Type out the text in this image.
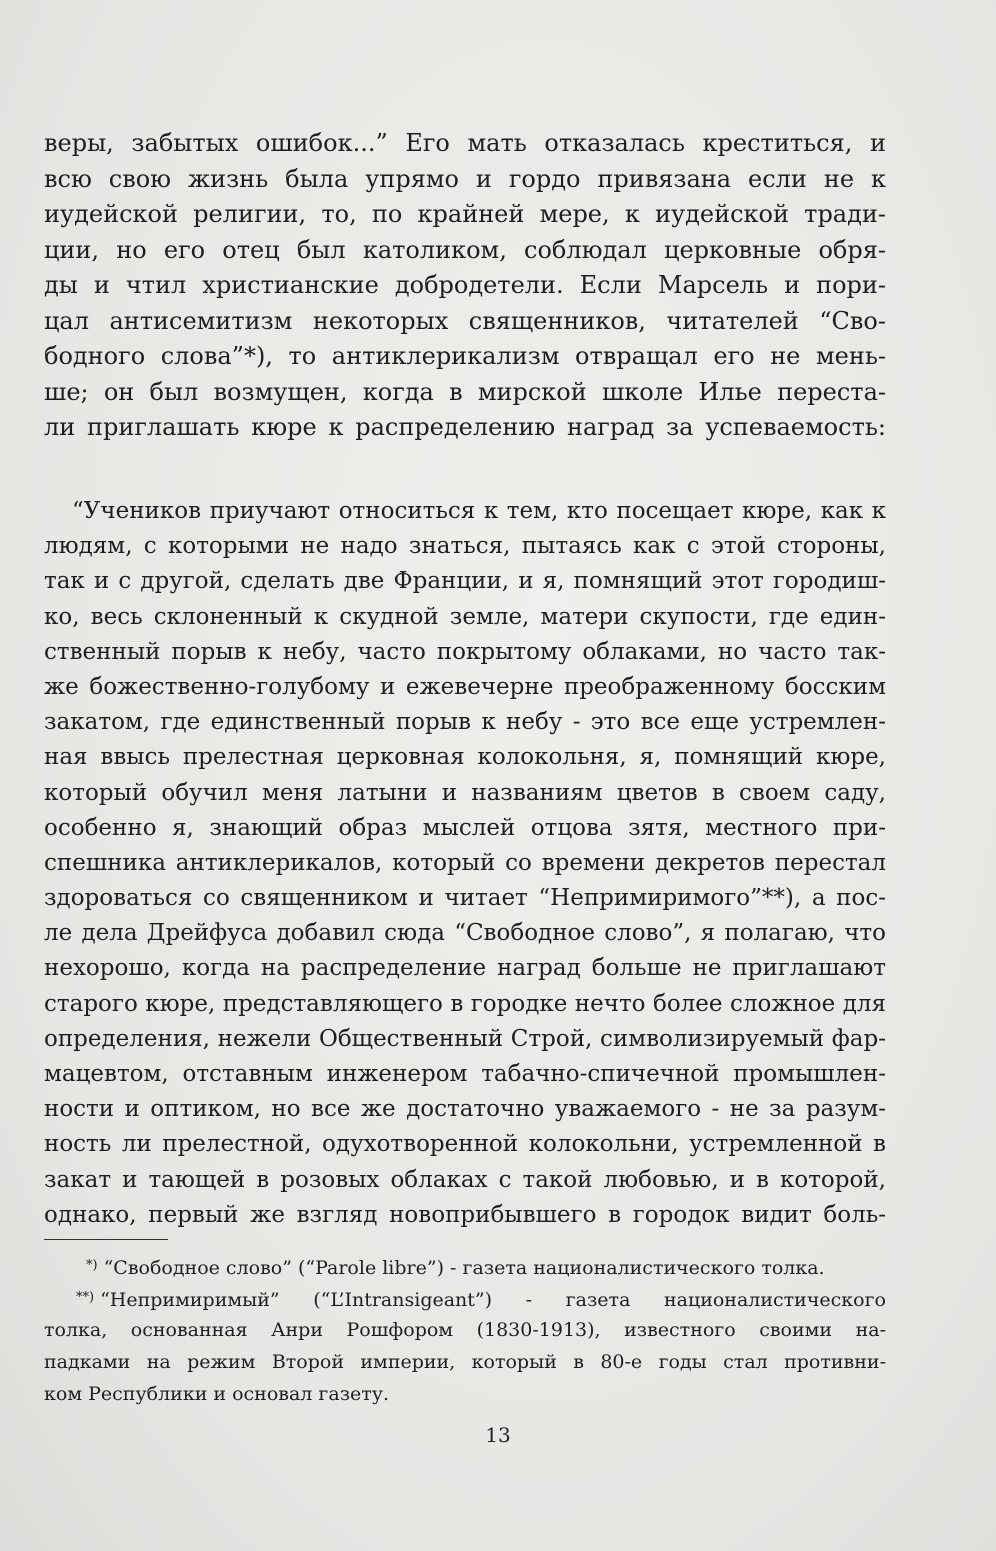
веры, забытых ошибок...” Его мать отказалась креститься, и
всю свою жизнь была упрямо и гордо привязана если не к
иудейской религии, то, по крайней мере, к иудейской тради-
ции, но его отец был католиком, соблюдал церковные обря-
ды и чтил христианские добродетели. Если Марсель и пори-
цал антисемитизм некоторых священников, читателей “Сво-
бодного слова”*), то антиклерикализм отвращал его не мень-
ше; он был возмущен, когда в мирской школе Илье переста-
ли приглашать кюре к распределению наград за успеваемость:
“Учеников приучают относиться к тем, кто посещает кюре, как к
людям, с которыми не надо знаться, пытаясь как с этой стороны,
так и с другой, сделать две Франции, и я, помнящий этот городиш-
ко, весь склоненный к скудной земле, матери скупости, где един-
ственный порыв к небу, часто покрытому облаками, но часто так-
же божественно-голубому и ежевечерне преображенному босским
закатом, где единственный порыв к небу - это все еще устремлен-
ная ввысь прелестная церковная колокольня, я, помнящий кюре,
который обучил меня латыни и названиям цветов в своем саду,
особенно я, знающий образ мыслей отцова зятя, местного при-
спешника антиклерикалов, который со времени декретов перестал
здороваться со священником и читает “Непримиримого”**), а пос-
ле дела Дрейфуса добавил сюда “Свободное слово”, я полагаю, что
нехорошо, когда на распределение наград больше не приглашают
старого кюре, представляющего в городке нечто более сложное для
определения, нежели Общественный Строй, символизируемый фар-
мацевтом, отставным инженером табачно-спичечной промышлен-
ности и оптиком, но все же достаточно уважаемого - не за разум-
ность ли прелестной, одухотворенной колокольни, устремленной в
закат и тающей в розовых облаках с такой любовью, и в которой,
однако, первый же взгляд новоприбывшего в городок видит боль-
*) “Свободное слово” (“Parole libre”) - газета националистического толка.
**) “Непримиримый” (“L’Intransigeant”) - газета националистического
толка, основанная Анри Рошфором (1830-1913), известного своими на-
падками на режим Второй империи, который в 80-е годы стал противни-
ком Республики и основал газету.
13
